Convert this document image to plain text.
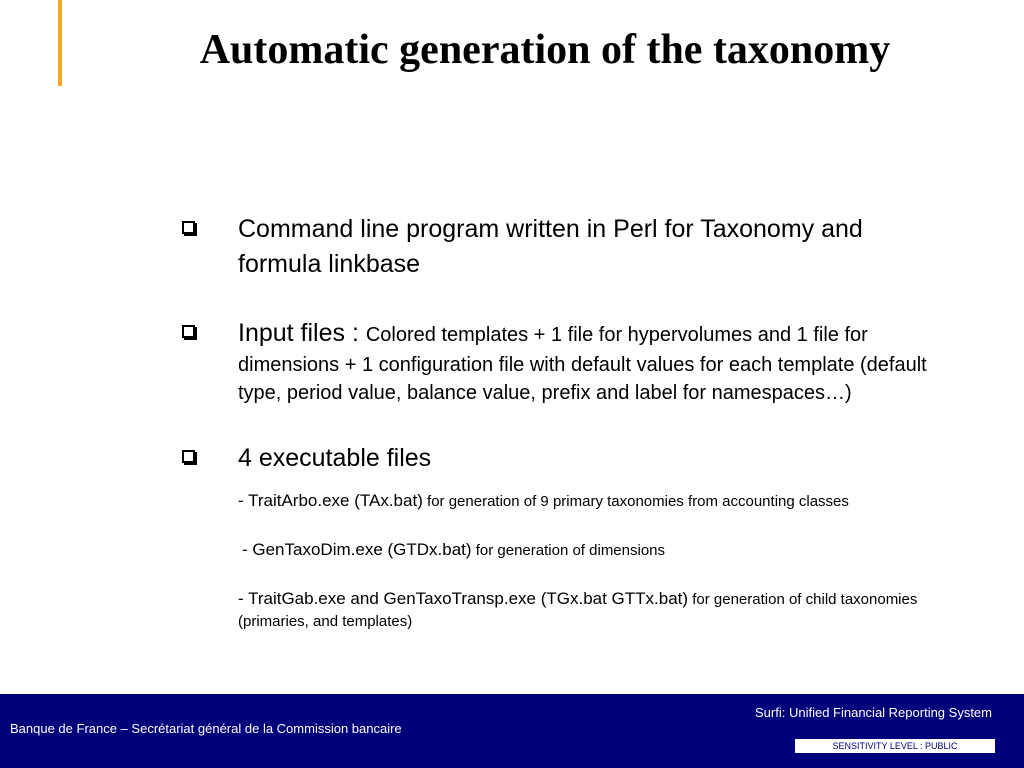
Automatic generation of the taxonomy
Command line program written in Perl for Taxonomy and formula linkbase
Input files : Colored templates + 1 file for hypervolumes and 1 file for dimensions + 1 configuration file with default values for each template (default type, period value, balance value, prefix and label for namespaces…)
4 executable files
- TraitArbo.exe (TAx.bat) for generation of 9 primary taxonomies from accounting classes
- GenTaxoDim.exe (GTDx.bat) for generation of dimensions
- TraitGab.exe and GenTaxoTransp.exe (TGx.bat GTTx.bat) for generation of child taxonomies (primaries, and templates)
Banque de France – Secrétariat général de la Commission bancaire
Surfi: Unified Financial Reporting System
SENSITIVITY LEVEL : PUBLIC
